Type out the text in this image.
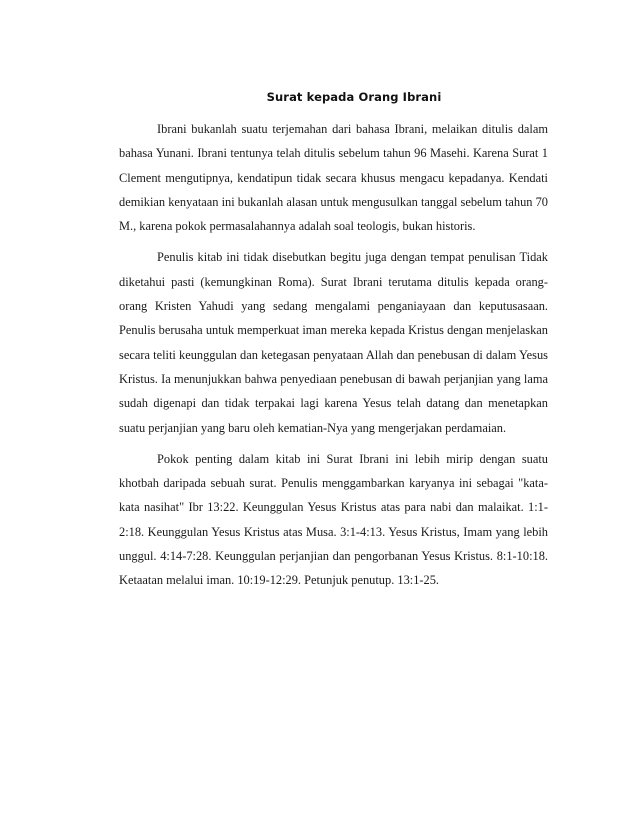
Surat kepada Orang Ibrani

Ibrani bukanlah suatu terjemahan dari bahasa Ibrani, melaikan ditulis dalam bahasa Yunani. Ibrani tentunya telah ditulis sebelum tahun 96 Masehi. Karena Surat 1 Clement mengutipnya, kendatipun tidak secara khusus mengacu kepadanya. Kendati demikian kenyataan ini bukanlah alasan untuk mengusulkan tanggal sebelum tahun 70 M., karena pokok permasalahannya adalah soal teologis, bukan historis.

Penulis kitab ini tidak disebutkan begitu juga dengan tempat penulisan Tidak diketahui pasti (kemungkinan Roma). Surat Ibrani terutama ditulis kepada orang-orang Kristen Yahudi yang sedang mengalami penganiayaan dan keputusasaan. Penulis berusaha untuk memperkuat iman mereka kepada Kristus dengan menjelaskan secara teliti keunggulan dan ketegasan penyataan Allah dan penebusan di dalam Yesus Kristus. Ia menunjukkan bahwa penyediaan penebusan di bawah perjanjian yang lama sudah digenapi dan tidak terpakai lagi karena Yesus telah datang dan menetapkan suatu perjanjian yang baru oleh kematian-Nya yang mengerjakan perdamaian.

Pokok penting dalam kitab ini Surat Ibrani ini lebih mirip dengan suatu khotbah daripada sebuah surat. Penulis menggambarkan karyanya ini sebagai "kata-kata nasihat" Ibr 13:22. Keunggulan Yesus Kristus atas para nabi dan malaikat. 1:1-2:18. Keunggulan Yesus Kristus atas Musa. 3:1-4:13. Yesus Kristus, Imam yang lebih unggul. 4:14-7:28. Keunggulan perjanjian dan pengorbanan Yesus Kristus. 8:1-10:18. Ketaatan melalui iman. 10:19-12:29. Petunjuk penutup. 13:1-25.
